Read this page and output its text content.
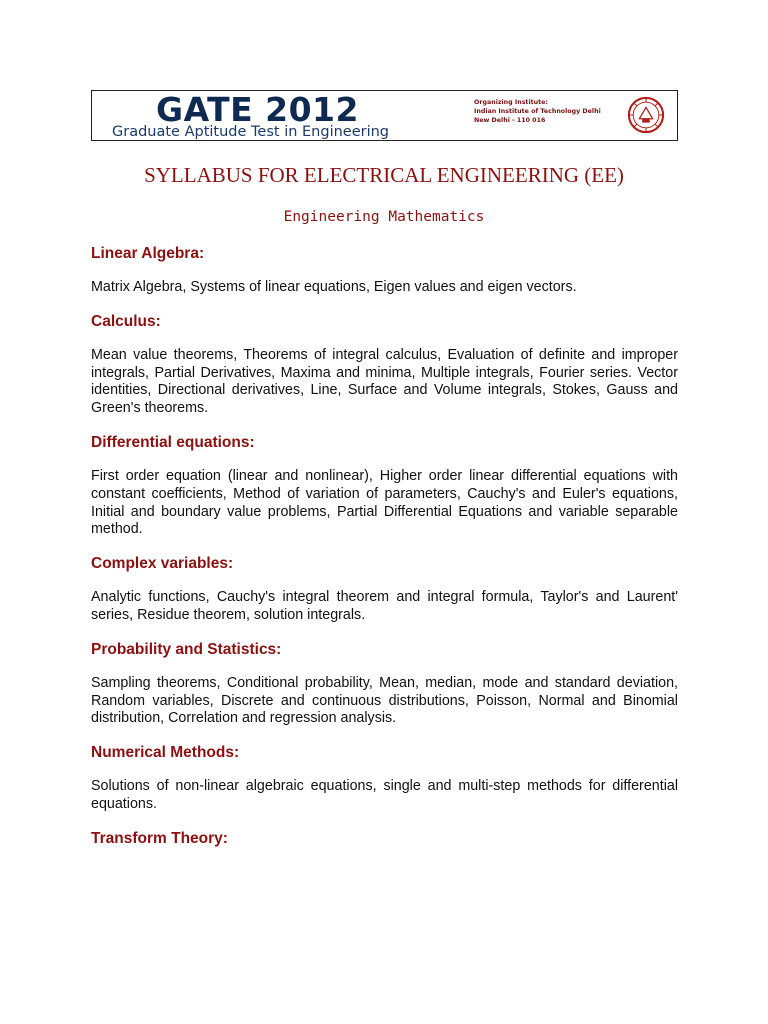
GATE 2012
Graduate Aptitude Test in Engineering
Organizing Institute:
Indian Institute of Technology Delhi
New Delhi - 110 016
SYLLABUS FOR ELECTRICAL ENGINEERING (EE)
Engineering Mathematics

Linear Algebra:

Matrix Algebra, Systems of linear equations, Eigen values and eigen vectors.

Calculus:

Mean value theorems, Theorems of integral calculus, Evaluation of definite and improper integrals, Partial Derivatives, Maxima and minima, Multiple integrals, Fourier series. Vector identities, Directional derivatives, Line, Surface and Volume integrals, Stokes, Gauss and Green's theorems.

Differential equations:

First order equation (linear and nonlinear), Higher order linear differential equations with constant coefficients, Method of variation of parameters, Cauchy's and Euler's equations, Initial and boundary value problems, Partial Differential Equations and variable separable method.

Complex variables:

Analytic functions, Cauchy's integral theorem and integral formula, Taylor's and Laurent' series, Residue theorem, solution integrals.

Probability and Statistics:

Sampling theorems, Conditional probability, Mean, median, mode and standard deviation, Random variables, Discrete and continuous distributions, Poisson, Normal and Binomial distribution, Correlation and regression analysis.

Numerical Methods:

Solutions of non-linear algebraic equations, single and multi-step methods for differential equations.

Transform Theory:
